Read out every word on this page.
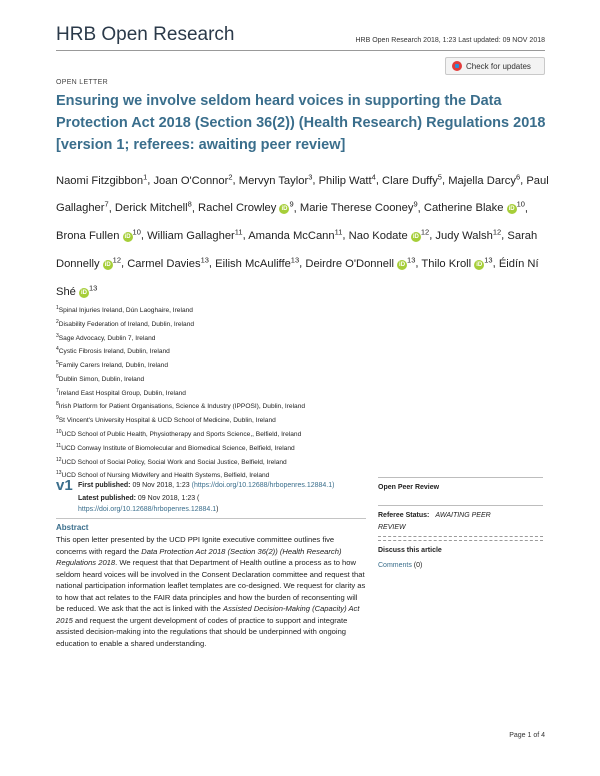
HRB Open Research	HRB Open Research 2018, 1:23 Last updated: 09 NOV 2018
Check for updates
OPEN LETTER
Ensuring we involve seldom heard voices in supporting the Data Protection Act 2018 (Section 36(2)) (Health Research) Regulations 2018 [version 1; referees: awaiting peer review]
Naomi Fitzgibbon$^1$, Joan O'Connor$^2$, Mervyn Taylor$^3$, Philip Watt$^4$, Clare Duffy$^5$, Majella Darcy$^6$, Paul Gallagher$^7$, Derick Mitchell$^8$, Rachel Crowley $iD^9$, Marie Therese Cooney$^9$, Catherine Blake $iD^{10}$, Brona Fullen $iD^{10}$, William Gallagher$^{11}$, Amanda McCann$^{11}$, Nao Kodate $iD^{12}$, Judy Walsh$^{12}$, Sarah Donnelly $iD^{12}$, Carmel Davies$^{13}$, Eilish McAuliffe$^{13}$, Deirdre O'Donnell $iD^{13}$, Thilo Kroll $iD^{13}$, Éidín Ní Shé $iD^{13}$
$^1$Spinal Injuries Ireland, Dún Laoghaire, Ireland
$^2$Disability Federation of Ireland, Dublin, Ireland
$^3$Sage Advocacy, Dublin 7, Ireland
$^4$Cystic Fibrosis Ireland, Dublin, Ireland
$^5$Family Carers Ireland, Dublin, Ireland
$^6$Dublin Simon, Dublin, Ireland
$^7$Ireland East Hospital Group, Dublin, Ireland
$^8$Irish Platform for Patient Organisations, Science & Industry (IPPOSI), Dublin, Ireland
$^9$St Vincent's University Hospital & UCD School of Medicine, Dublin, Ireland
$^{10}$UCD School of Public Health, Physiotherapy and Sports Science,, Belfield, Ireland
$^{11}$UCD Conway Institute of Biomolecular and Biomedical Science, Belfield, Ireland
$^{12}$UCD School of Social Policy, Social Work and Social Justice, Belfield, Ireland
$^{13}$UCD School of Nursing Midwifery and Health Systems, Belfield, Ireland
v1 First published: 09 Nov 2018, 1:23 (https://doi.org/10.12688/hrbopenres.12884.1)
Latest published: 09 Nov 2018, 1:23 (
https://doi.org/10.12688/hrbopenres.12884.1)
Abstract
This open letter presented by the UCD PPI Ignite executive committee outlines five concerns with regard the Data Protection Act 2018 (Section 36(2)) (Health Research) Regulations 2018. We request that that Department of Health outline a process as to how seldom heard voices will be involved in the Consent Declaration committee and request that national participation information leaflet templates are co-designed. We request for clarity as to how that act relates to the FAIR data principles and how the burden of reconsenting will be reduced. We ask that the act is linked with the Assisted Decision-Making (Capacity) Act 2015 and request the urgent development of codes of practice to support and integrate assisted decision-making into the regulations that should be underpinned with ongoing education to enable a shared understanding.
Open Peer Review
Referee Status: AWAITING PEER
REVIEW
Discuss this article
Comments (0)
Page 1 of 4
